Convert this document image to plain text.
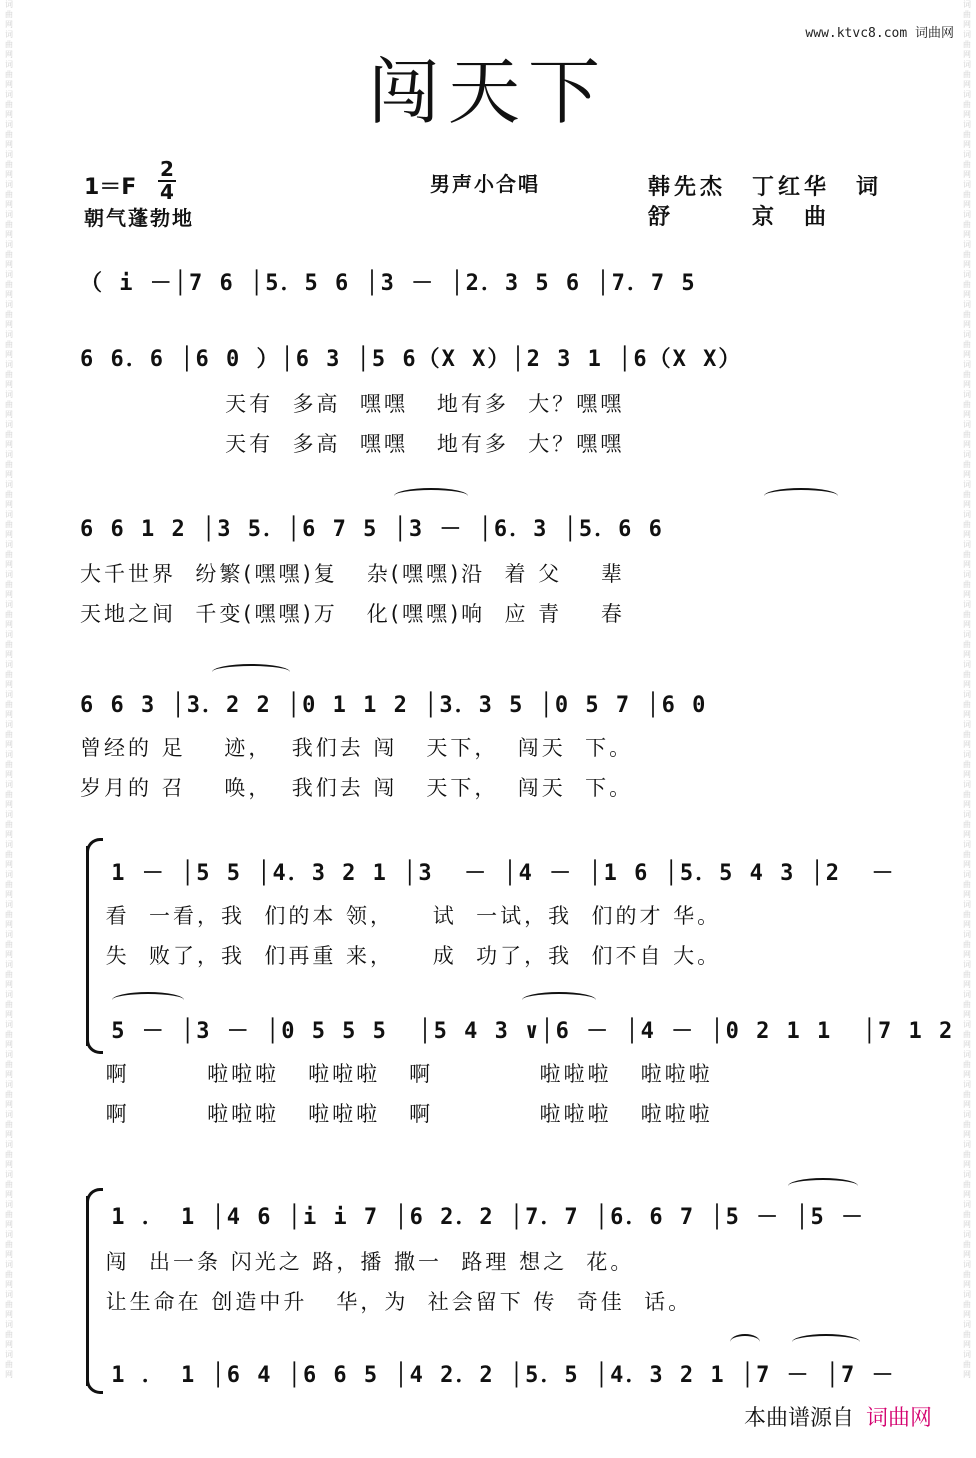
词曲网词曲网词曲网词曲网词曲网词曲网词曲网词曲网词曲网词曲网词曲网词曲网词曲网词曲网词曲网词曲网词曲网词曲网词曲网词曲网词曲网词曲网词曲网词曲网词曲网词曲网词曲网词曲网词曲网词曲网词曲网词曲网词曲网词曲网词曲网词曲网词曲网词曲网词曲网词曲网词曲网词曲网词曲网词曲网词曲网词曲网
词曲网词曲网词曲网词曲网词曲网词曲网词曲网词曲网词曲网词曲网词曲网词曲网词曲网词曲网词曲网词曲网词曲网词曲网词曲网词曲网词曲网词曲网词曲网词曲网词曲网词曲网词曲网词曲网词曲网词曲网词曲网词曲网词曲网词曲网词曲网词曲网词曲网词曲网词曲网词曲网词曲网词曲网词曲网词曲网词曲网词曲网
www.ktvc8.com 词曲网
闯天下
1＝F
2
4
朝气蓬勃地
男声小合唱	韩先杰　丁红华　词
舒　　　京　曲
（ i －│7 6 │5．5 6 │3 － │2．3 5 6 │7．7 5
6 6．6 │6 0 ）│6 3 │5 6（X X）│2 3 1 │6（X X）
天有  多高  嘿嘿   地有多  大？嘿嘿
天有  多高  嘿嘿   地有多  大？嘿嘿
6 6 1 2 │3 5．│6 7 5 │3 － │6．3 │5．6 6
大千世界  纷繁(嘿嘿)复   杂(嘿嘿)沿  着 父    辈
天地之间  千变(嘿嘿)万   化(嘿嘿)响  应 青    春
6 6 3 │3．2 2 │0 1 1 2 │3．3 5 │0 5 7 │6 0
曾经的 足    迹，  我们去 闯   天下，  闯天  下。
岁月的 召    唤，  我们去 闯   天下，  闯天  下。
1 － │5 5 │4．3 2 1 │3  － │4 － │1 6 │5．5 4 3 │2  －
看  一看，我  们的本 领，    试  一试，我  们的才 华。
失  败了，我  们再重 来，    成  功了，我  们不自 大。
5 － │3 － │0 5 5 5  │5 4 3 ∨│6 － │4 － │0 2 1 1  │7 1 2
啊        啦啦啦   啦啦啦   啊           啦啦啦   啦啦啦
啊        啦啦啦   啦啦啦   啊           啦啦啦   啦啦啦
1 ． 1 │4 6 │i i 7 │6 2．2 │7．7 │6．6 7 │5 － │5 －
闯  出一条 闪光之 路，播 撒一  路理 想之  花。
让生命在 创造中升   华，为  社会留下 传  奇佳  话。
1 ． 1 │6 4 │6 6 5 │4 2．2 │5．5 │4．3 2 1 │7 － │7 －
本曲谱源自 词曲网
